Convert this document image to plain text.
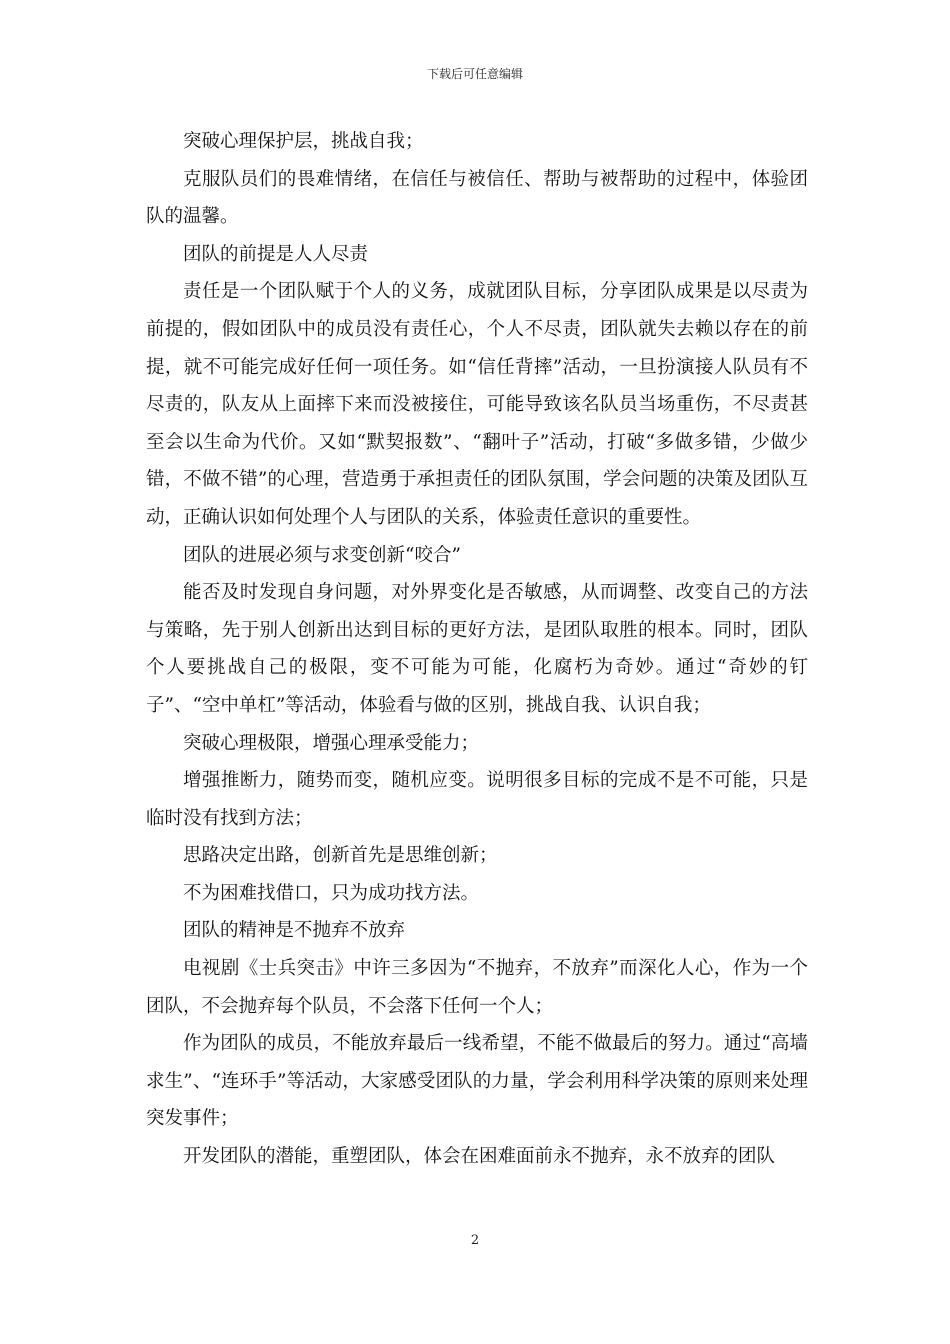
下载后可任意编辑

突破心理保护层，挑战自我；

克服队员们的畏难情绪，在信任与被信任、帮助与被帮助的过程中，体验团队的温馨。

团队的前提是人人尽责

责任是一个团队赋于个人的义务，成就团队目标，分享团队成果是以尽责为前提的，假如团队中的成员没有责任心，个人不尽责，团队就失去赖以存在的前提，就不可能完成好任何一项任务。如“信任背摔”活动，一旦扮演接人队员有不尽责的，队友从上面摔下来而没被接住，可能导致该名队员当场重伤，不尽责甚至会以生命为代价。又如“默契报数”、“翻叶子”活动，打破“多做多错，少做少错，不做不错”的心理，营造勇于承担责任的团队氛围，学会问题的决策及团队互动，正确认识如何处理个人与团队的关系，体验责任意识的重要性。

团队的进展必须与求变创新“咬合”

能否及时发现自身问题，对外界变化是否敏感，从而调整、改变自己的方法与策略，先于别人创新出达到目标的更好方法，是团队取胜的根本。同时，团队个人要挑战自己的极限，变不可能为可能，化腐朽为奇妙。通过“奇妙的钉子”、“空中单杠”等活动，体验看与做的区别，挑战自我、认识自我；

突破心理极限，增强心理承受能力；

增强推断力，随势而变，随机应变。说明很多目标的完成不是不可能，只是临时没有找到方法；

思路决定出路，创新首先是思维创新；

不为困难找借口，只为成功找方法。

团队的精神是不抛弃不放弃

电视剧《士兵突击》中许三多因为“不抛弃，不放弃”而深化人心，作为一个团队，不会抛弃每个队员，不会落下任何一个人；

作为团队的成员，不能放弃最后一线希望，不能不做最后的努力。通过“高墙求生”、“连环手”等活动，大家感受团队的力量，学会利用科学决策的原则来处理突发事件；

开发团队的潜能，重塑团队，体会在困难面前永不抛弃，永不放弃的团队

2
